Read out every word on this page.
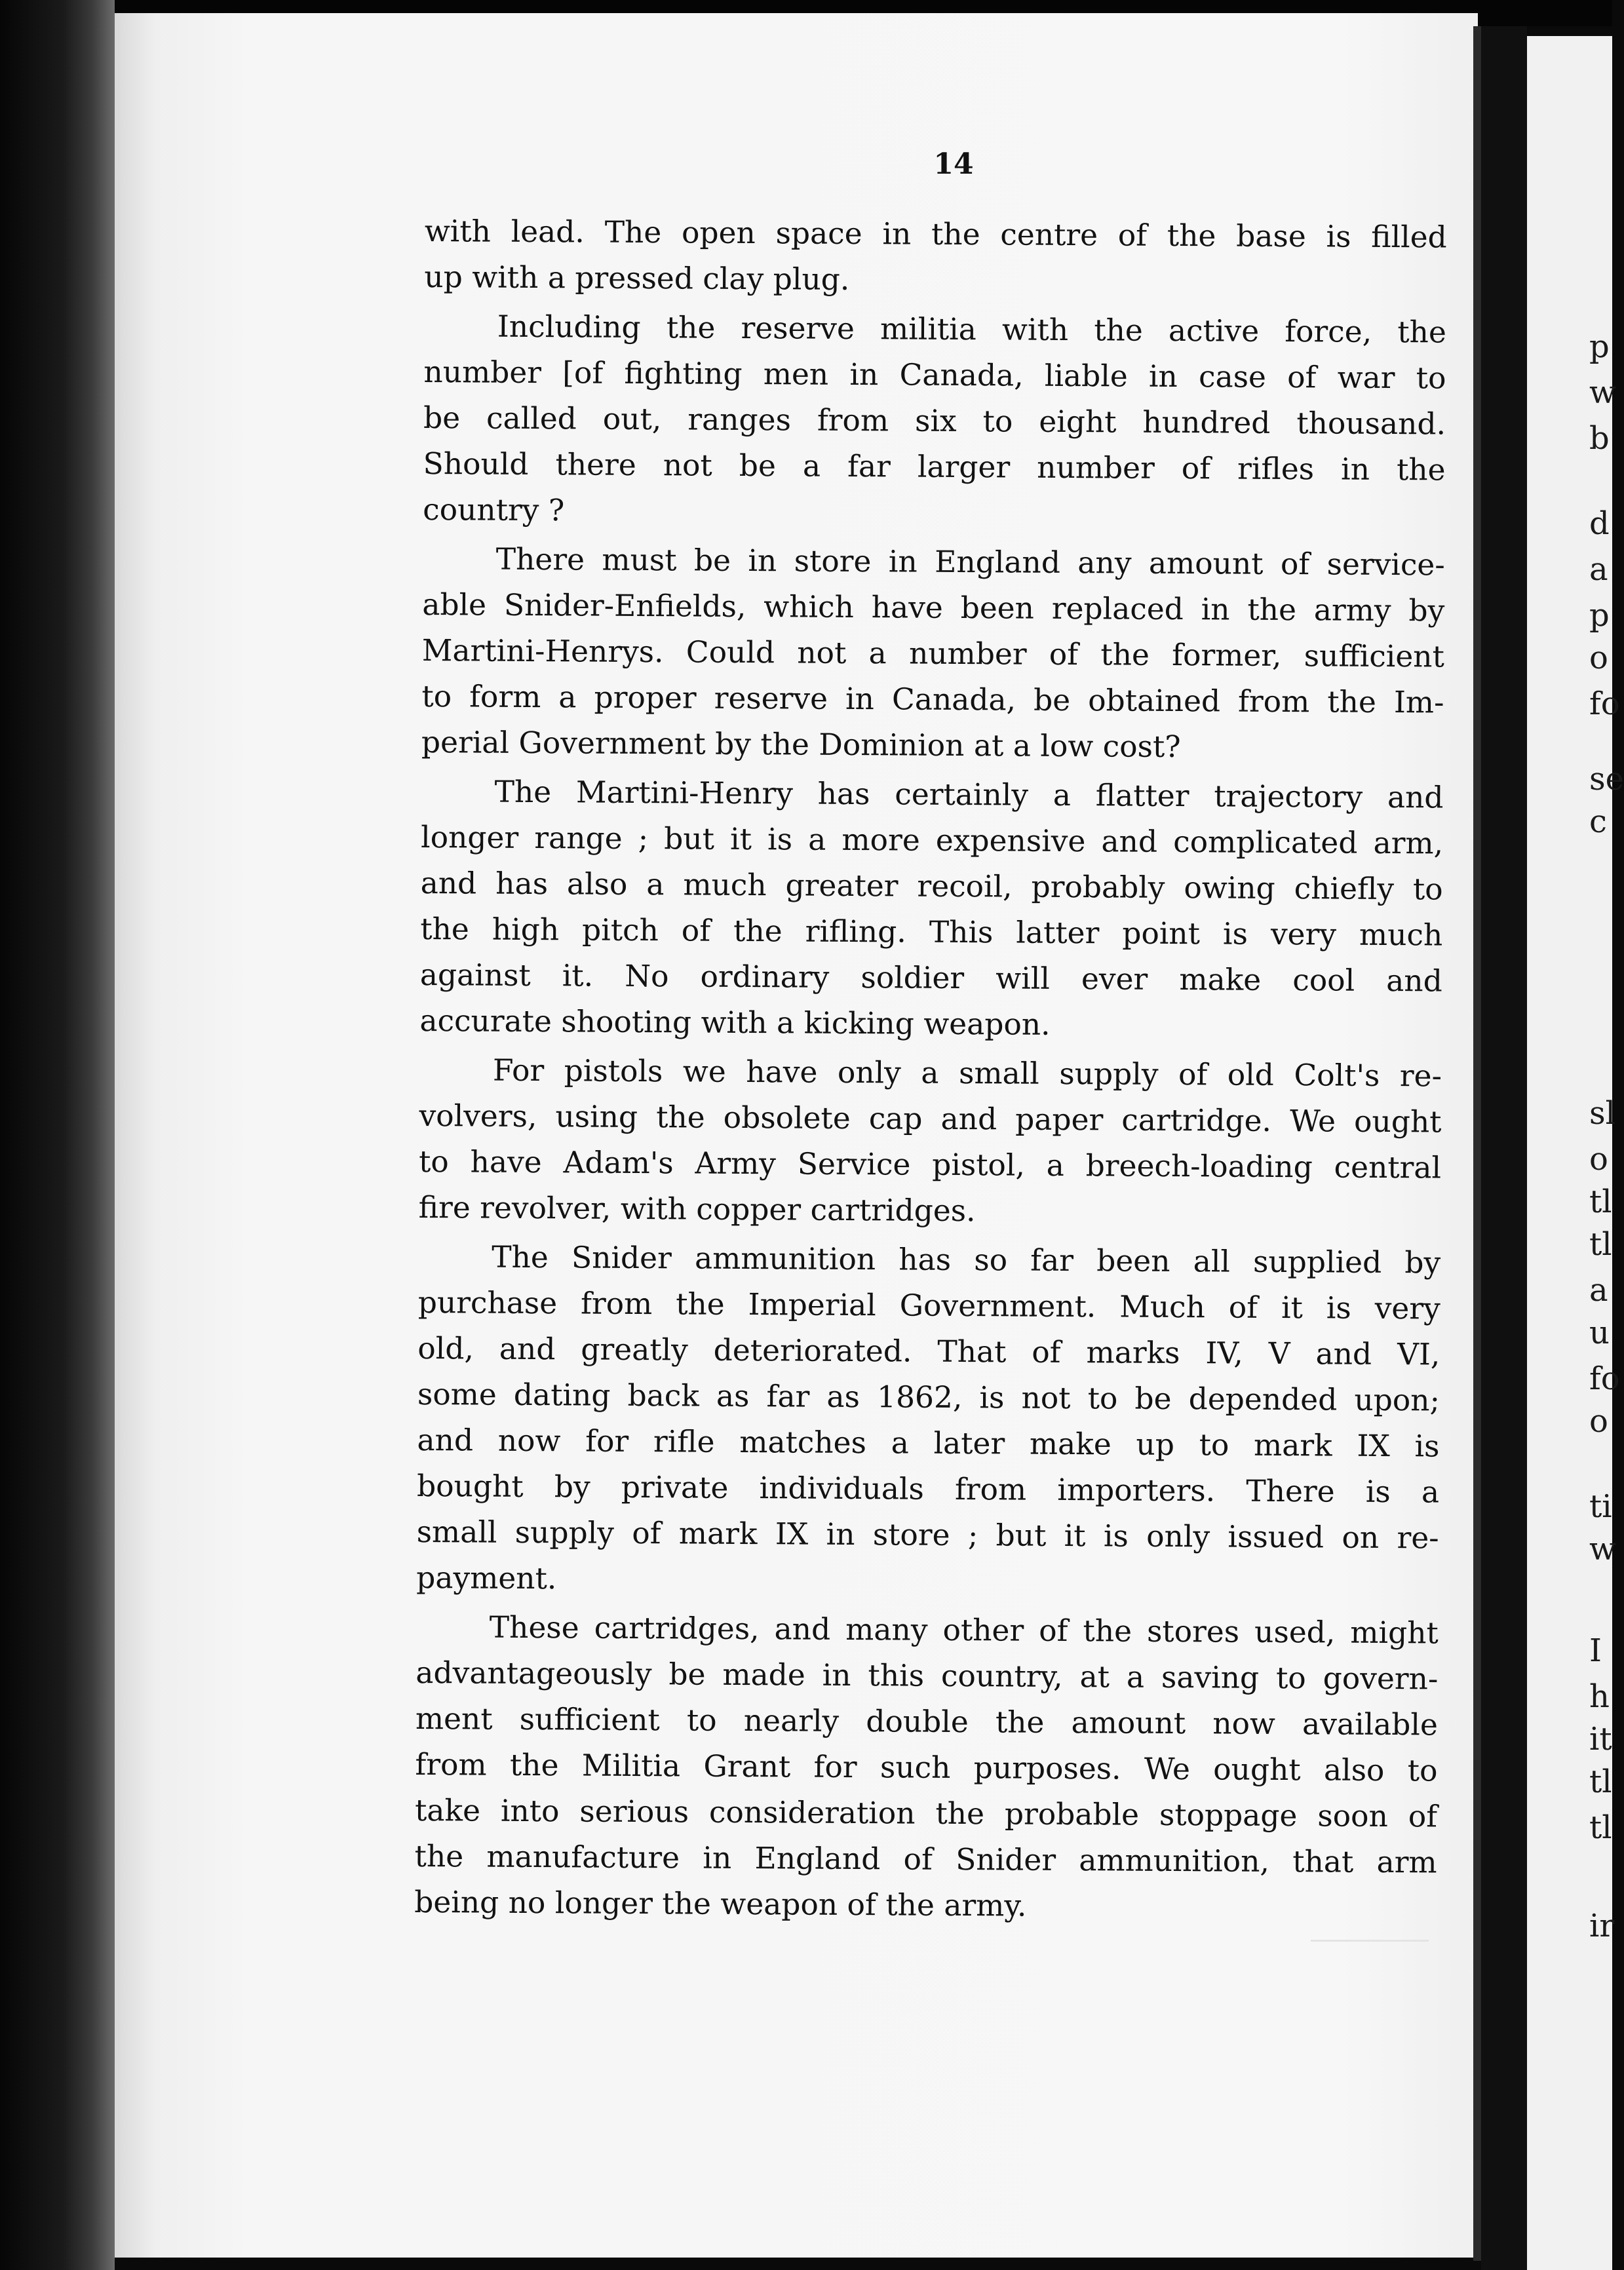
14
with lead. The open space in the centre of the base is filled
up with a pressed clay plug.
Including the reserve militia with the active force, the
number [of fighting men in Canada, liable in case of war to
be called out, ranges from six to eight hundred thousand.
Should there not be a far larger number of rifles in the
country ?
There must be in store in England any amount of service-
able Snider-Enfields, which have been replaced in the army by
Martini-Henrys. Could not a number of the former, sufficient
to form a proper reserve in Canada, be obtained from the Im-
perial Government by the Dominion at a low cost?
The Martini-Henry has certainly a flatter trajectory and
longer range ; but it is a more expensive and complicated arm,
and has also a much greater recoil, probably owing chiefly to
the high pitch of the rifling. This latter point is very much
against it. No ordinary soldier will ever make cool and
accurate shooting with a kicking weapon.
For pistols we have only a small supply of old Colt's re-
volvers, using the obsolete cap and paper cartridge. We ought
to have Adam's Army Service pistol, a breech-loading central
fire revolver, with copper cartridges.
The Snider ammunition has so far been all supplied by
purchase from the Imperial Government. Much of it is very
old, and greatly deteriorated. That of marks IV, V and VI,
some dating back as far as 1862, is not to be depended upon;
and now for rifle matches a later make up to mark IX is
bought by private individuals from importers. There is a
small supply of mark IX in store ; but it is only issued on re-
payment.
These cartridges, and many other of the stores used, might
advantageously be made in this country, at a saving to govern-
ment sufficient to nearly double the amount now available
from the Militia Grant for such purposes. We ought also to
take into serious consideration the probable stoppage soon of
the manufacture in England of Snider ammunition, that arm
being no longer the weapon of the army.
p
w
b
d
a
p
o
fo
se
c
sl
o
tl
tl
a
u
fo
o
ti
w
I
h
it
tl
tl
ir
